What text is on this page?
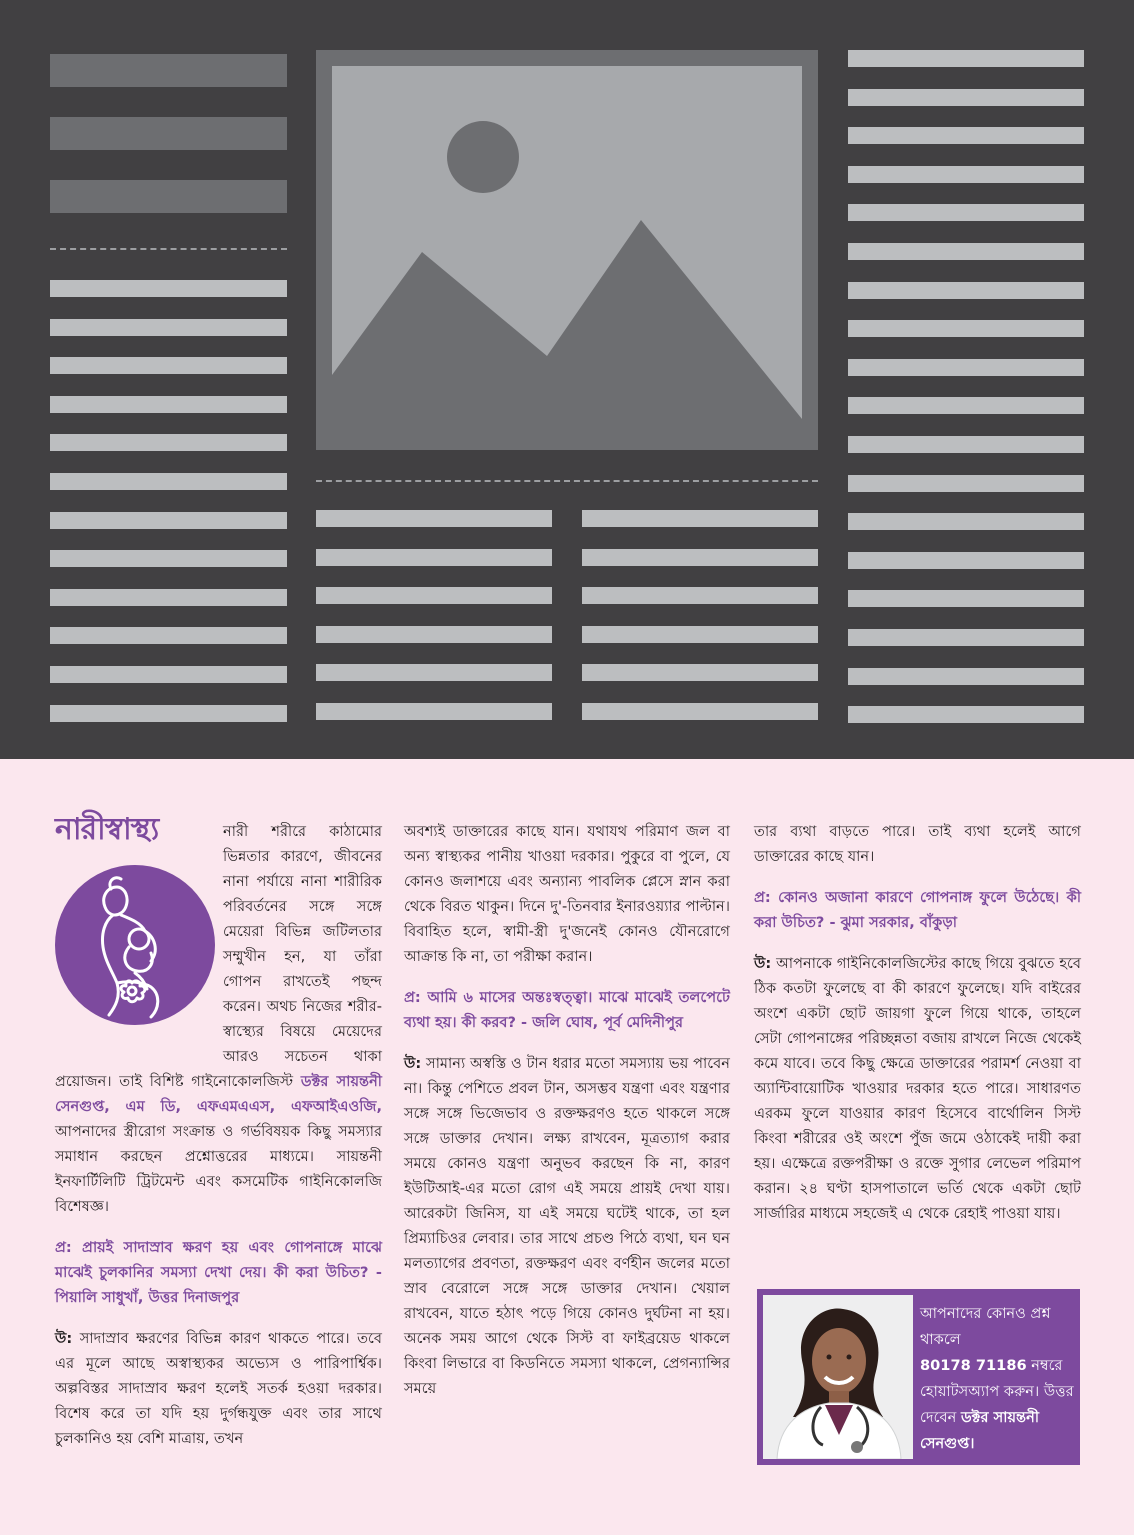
নারীস্বাস্থ্য	নারী শরীরে কাঠামোর ভিন্নতার কারণে, জীবনের নানা পর্যায়ে নানা শারীরিক পরিবর্তনের সঙ্গে সঙ্গে মেয়েরা বিভিন্ন জটিলতার সম্মুখীন হন, যা তাঁরা গোপন রাখতেই পছন্দ করেন। অথচ নিজের শরীর-স্বাস্থ্যের বিষয়ে মেয়েদের আরও সচেতন থাকা প্রয়োজন। তাই বিশিষ্ট গাইনোকোলজিস্ট ডক্টর সায়ন্তনী সেনগুপ্ত, এম ডি, এফএমএএস, এফআইএওজি, আপনাদের স্ত্রীরোগ সংক্রান্ত ও গর্ভবিষয়ক কিছু সমস্যার সমাধান করছেন প্রশ্নোত্তরের মাধ্যমে। সায়ন্তনী ইনফার্টিলিটি ট্রিটমেন্ট এবং কসমেটিক গাইনিকোলজি বিশেষজ্ঞ।

প্র: প্রায়ই সাদাস্রাব ক্ষরণ হয় এবং গোপনাঙ্গে মাঝে মাঝেই চুলকানির সমস্যা দেখা দেয়। কী করা উচিত? - পিয়ালি সাধুখাঁ, উত্তর দিনাজপুর

উ: সাদাস্রাব ক্ষরণের বিভিন্ন কারণ থাকতে পারে। তবে এর মূলে আছে অস্বাস্থ্যকর অভ্যেস ও পারিপার্শ্বিক। অল্পবিস্তর সাদাস্রাব ক্ষরণ হলেই সতর্ক হওয়া দরকার। বিশেষ করে তা যদি হয় দুর্গন্ধযুক্ত এবং তার সাথে চুলকানিও হয় বেশি মাত্রায়, তখন

অবশ্যই ডাক্তারের কাছে যান। যথাযথ পরিমাণ জল বা অন্য স্বাস্থ্যকর পানীয় খাওয়া দরকার। পুকুরে বা পুলে, যে কোনও জলাশয়ে এবং অন্যান্য পাবলিক প্লেসে স্নান করা থেকে বিরত থাকুন। দিনে দু'-তিনবার ইনারওয়্যার পাল্টান। বিবাহিত হলে, স্বামী-স্ত্রী দু'জনেই কোনও যৌনরোগে আক্রান্ত কি না, তা পরীক্ষা করান।

প্র: আমি ৬ মাসের অন্তঃস্বত্ত্বা। মাঝে মাঝেই তলপেটে ব্যথা হয়। কী করব? - জলি ঘোষ, পূর্ব মেদিনীপুর

উ: সামান্য অস্বস্তি ও টান ধরার মতো সমস্যায় ভয় পাবেন না। কিন্তু পেশিতে প্রবল টান, অসম্ভব যন্ত্রণা এবং যন্ত্রণার সঙ্গে সঙ্গে ভিজেভাব ও রক্তক্ষরণও হতে থাকলে সঙ্গে সঙ্গে ডাক্তার দেখান। লক্ষ্য রাখবেন, মূত্রত্যাগ করার সময়ে কোনও যন্ত্রণা অনুভব করছেন কি না, কারণ ইউটিআই-এর মতো রোগ এই সময়ে প্রায়ই দেখা যায়। আরেকটা জিনিস, যা এই সময়ে ঘটেই থাকে, তা হল প্রিম্যাচিওর লেবার। তার সাথে প্রচণ্ড পিঠে ব্যথা, ঘন ঘন মলত্যাগের প্রবণতা, রক্তক্ষরণ এবং বর্ণহীন জলের মতো স্রাব বেরোলে সঙ্গে সঙ্গে ডাক্তার দেখান। খেয়াল রাখবেন, যাতে হঠাৎ পড়ে গিয়ে কোনও দুর্ঘটনা না হয়। অনেক সময় আগে থেকে সিস্ট বা ফাইব্রয়েড থাকলে কিংবা লিভারে বা কিডনিতে সমস্যা থাকলে, প্রেগন্যান্সির সময়ে

তার ব্যথা বাড়তে পারে। তাই ব্যথা হলেই আগে ডাক্তারের কাছে যান।

প্র: কোনও অজানা কারণে গোপনাঙ্গ ফুলে উঠেছে। কী করা উচিত? - ঝুমা সরকার, বাঁকুড়া

উ: আপনাকে গাইনিকোলজিস্টের কাছে গিয়ে বুঝতে হবে ঠিক কতটা ফুলেছে বা কী কারণে ফুলেছে। যদি বাইরের অংশে একটা ছোট জায়গা ফুলে গিয়ে থাকে, তাহলে সেটা গোপনাঙ্গের পরিচ্ছন্নতা বজায় রাখলে নিজে থেকেই কমে যাবে। তবে কিছু ক্ষেত্রে ডাক্তারের পরামর্শ নেওয়া বা অ্যান্টিবায়োটিক খাওয়ার দরকার হতে পারে। সাধারণত এরকম ফুলে যাওয়ার কারণ হিসেবে বার্থোলিন সিস্ট কিংবা শরীরের ওই অংশে পুঁজ জমে ওঠাকেই দায়ী করা হয়। এক্ষেত্রে রক্তপরীক্ষা ও রক্তে সুগার লেভেল পরিমাপ করান। ২৪ ঘণ্টা হাসপাতালে ভর্তি থেকে একটা ছোট সার্জারির মাধ্যমে সহজেই এ থেকে রেহাই পাওয়া যায়।

আপনাদের কোনও প্রশ্ন থাকলে
80178 71186 নম্বরে হোয়াটসঅ্যাপ করুন। উত্তর দেবেন ডক্টর সায়ন্তনী সেনগুপ্ত।
